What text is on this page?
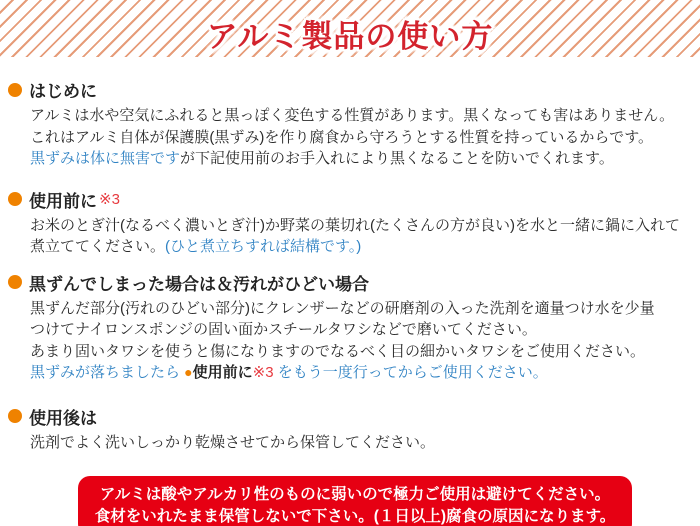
アルミ製品の使い方
はじめに
アルミは水や空気にふれると黒っぽく変色する性質があります。黒くなっても害はありません。
これはアルミ自体が保護膜(黒ずみ)を作り腐食から守ろうとする性質を持っているからです。
黒ずみは体に無害ですが下記使用前のお手入れにより黒くなることを防いでくれます。
使用前に ※3
お米のとぎ汁(なるべく濃いとぎ汁)か野菜の葉切れ(たくさんの方が良い)を水と一緒に鍋に入れて
煮立ててください。(ひと煮立ちすれば結構です。)
黒ずんでしまった場合は＆汚れがひどい場合
黒ずんだ部分(汚れのひどい部分)にクレンザーなどの研磨剤の入った洗剤を適量つけ水を少量
つけてナイロンスポンジの固い面かスチールタワシなどで磨いてください。
あまり固いタワシを使うと傷になりますのでなるべく目の細かいタワシをご使用ください。
黒ずみが落ちましたら ●使用前に※3 をもう一度行ってからご使用ください。
使用後は
洗剤でよく洗いしっかり乾燥させてから保管してください。
アルミは酸やアルカリ性のものに弱いので極力ご使用は避けてください。
食材をいれたまま保管しないで下さい。(１日以上)腐食の原因になります。
